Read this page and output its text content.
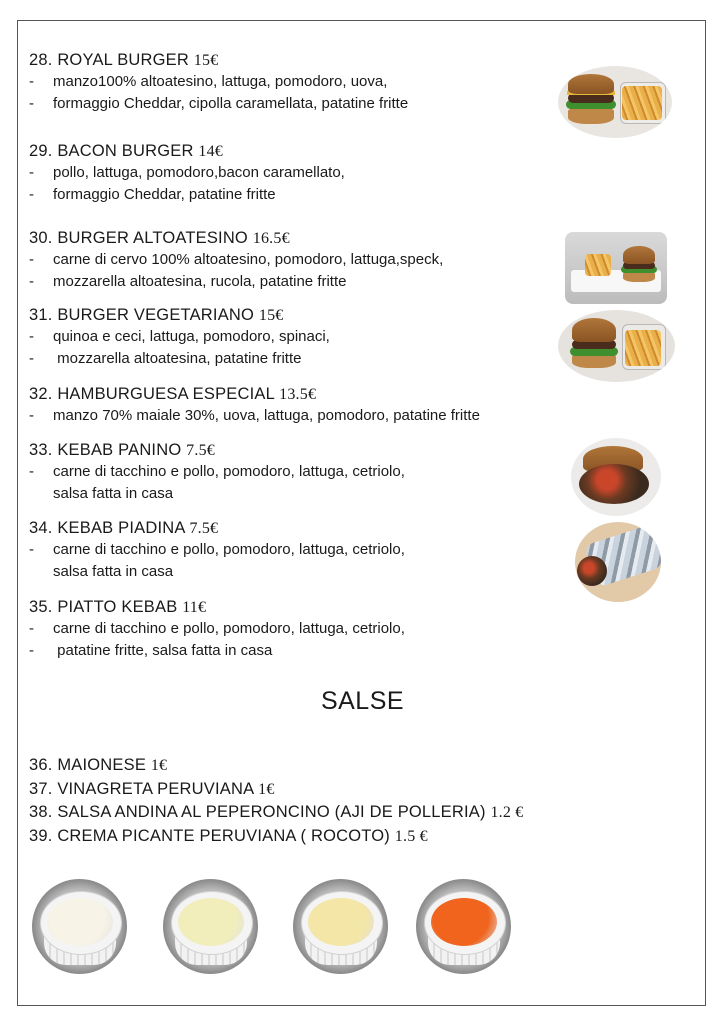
28. ROYAL BURGER 15€
- manzo100% altoatesino, lattuga, pomodoro, uova,
- formaggio Cheddar, cipolla caramellata, patatine fritte
29. BACON BURGER 14€
- pollo, lattuga, pomodoro,bacon caramellato,
- formaggio Cheddar, patatine fritte
30. BURGER ALTOATESINO 16.5€
- carne di cervo 100% altoatesino, pomodoro, lattuga,speck,
- mozzarella altoatesina, rucola, patatine fritte
31. BURGER VEGETARIANO 15€
- quinoa e ceci, lattuga, pomodoro, spinaci,
- mozzarella altoatesina, patatine fritte
32. HAMBURGUESA ESPECIAL 13.5€
- manzo 70% maiale 30%, uova, lattuga, pomodoro, patatine fritte
33. KEBAB PANINO 7.5€
- carne di tacchino e pollo, pomodoro, lattuga, cetriolo,
salsa fatta in casa
34. KEBAB PIADINA 7.5€
- carne di tacchino e pollo, pomodoro, lattuga, cetriolo,
salsa fatta in casa
35. PIATTO KEBAB 11€
- carne di tacchino e pollo, pomodoro, lattuga, cetriolo,
- patatine fritte, salsa fatta in casa
SALSE
36. MAIONESE 1€
37. VINAGRETA PERUVIANA 1€
38. SALSA ANDINA AL PEPERONCINO (AJI DE POLLERIA) 1.2 €
39. CREMA PICANTE PERUVIANA ( ROCOTO) 1.5 €
